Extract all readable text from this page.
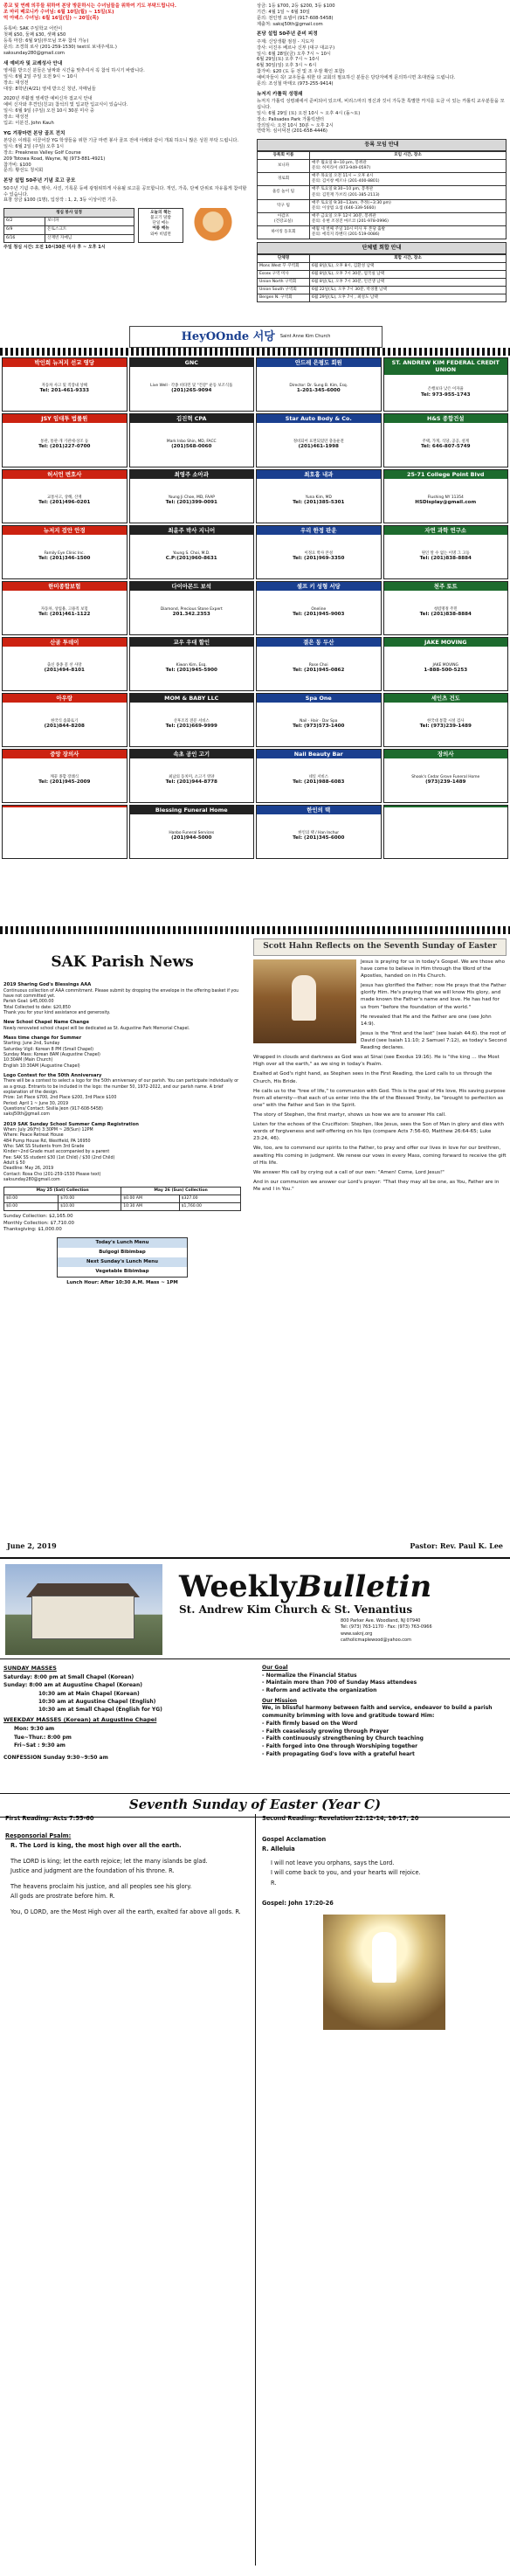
종교 및 연례 의무들 위하여 본당 방문하시는 수녀님들을 위하여 기도 부탁드립니다.
조 마리 베로니카 수녀님: 6월 10일(월) ~ 15일(토)
억 아녜스 수녀님: 6월 16일(일) ~ 20일(목)
등록비: SAK 주일학교 어린이
첫째 $50, 둘째 $30, 셋째 $50
등록 마감: 6월 9일(부모님 모두 참석 가능)
문의: 조경희 로사 (201-259-1530) text로 보내주세요.)
saksunday280@gmail.com
새 예비자 및 교례성사 안내
영세를 받으신 분들은 날짜와 시간을 맞추셔서 꼭 참석 하시기 바랍니다.
일시: 6월 2일 주일 오전 9시 ~ 10시
장소: 대성전
대상: 8학년(4/21) 영세 받으신 청년, 자매님들
2020년 부활절 영세반 예비신자 접교식 안내
예비 신자와 후견인(친교) 참석의 및 입교반 입교식이 있습니다.
일시: 6월 9일 (주일) 오전 10시 30분 미사 중
장소: 대성전
입교: 이분진, John Kauh
YG 겨광마련 본당 골프 전치
본당은 이레를 이끌어갈 YG 학생들을 위한 기금 마련 봉사 골프 전에 아래와 같이 개최 하오니 많은 성원 부탁 드립니다.
일시: 6월 2일 (주일) 오후 1시
장소: Preakness Valley Golf Course
209 Totowa Road, Wayne, NJ (973-881-4921)
참가비: $100
문의: 황선도 청치회
본당 설립 50주년 기념 로고 공모
50주년 기념 주총, 행사, 사진, 기록문 등에 광범위하게 사용될 로고를 공모합니다. 개인, 가족, 단체 단위로 자유롭게 참여할 수 있습니다.
표창 상금 $100 (1명), 입상작 : 1, 2, 3등 이상이면 기증.
청심 봉사 일정	
6/2	보니파
6/9	돈토스크트
6/16	산재빈 자매님
오늘의 책는
불고기 덮밥
단일 메뉴
여름 메뉴
와마 비빔면
주일 청심 시간: 오전 10시30분 미사 후 ~ 오후 1시
상금: 1등 $700, 2등 $200, 3등 $100
기간: 4월 1일 ~ 6월 30일
문의: 전인영 요셉어 (917-608-5458)
제출처: saksj50th@gmail.com
본당 설립 50주년 준비 피정
주제: 신앙생활 점검 - 지도자
강사: 이진우 베르나 신부 (대구 대교구)
일시: 6월 28일(금) 오후 7시 ~ 10시
6월 29일(토) 오후 7시 ~ 10시
6월 30일(일) 오후 3시 ~ 6시
참가비: $20 (도 등 전 및 조 우잠 확인 포함)
예비자들이 꼭! 교우들을 위한 타 교회의 필요하신 분들은 당당자에게 문의하시면 초대권을 드립니다.
문의: 조성철 마태오 (973-255-9414)
뉴저지 카톨릭 성령쇄
뉴저지 가톨릭 성령쇄에서 준비되어 있으며, 비리스마의 정신과 깃이 가득찬 특별한 카지를 도금 이 있는 카톨릭 교우분들을 모십니다.
일시: 6월 29일 (토) 오전 10시 ~ 오후 4시 (돌~토)
장소: Palisades Park 가톨릭센터
강의일시: 오전 10시 30분 ~ 오후 2시
연락처: 심이덕전 (201-658-4446)
등록 모임 안내
등록회 이름	모임 시간, 장소
보니파	매주 월요일 8~10 pm, 봉쥐관
문의: 허미라이 (973-949-0597)
경로회	매주 목요일 오전 11시 ~ 오후 4시
문의: 김이창 베르나 (201-400-8801)
울릉 놀이 팀	매주 토요일 8:30~10 pm, 봉쥐관
문의: 김민재 가브리 (201-385-2113)
탁구 팀	매주 토요일 9:30~13am, 추정(~3:30 pm)
문의: 이상범 요셉 (646-339-5660)
아감포
(건강교실)	매주 금요일 오후 12시 30분, 봉쥐관
문의: 유현 조경진 마르코 (201-978-0996)
하이킹 동호회	매월 세 번째 주일 10시 미사 후 본당 출발
문의: 에리지 라벤디 (201-519-0086)
단체별 회합 안내
단체명	회합 시간, 장소
Mons West 꾸 쿠역회	6월 8일(토), 오후 8시, 김환성 남택
Essex 구역 미사	6월 8일(토), 오후 7시 30분, 엄국실 남택
Union North 구역회	6월 8일(토), 오후 7시 30분, 인건생 남택
Union South 구역회	6월 22일(토), 오후 7시 30분, 박경철 남택
Bergen N. 구역회	6월 29일(토), 오후 7시 , 최성도 남택
HeyOOnde 서당 Saint Anne Kim Church
박인희 뉴저지 선교 영당
자동차 사고 및 직장내 상해
Tel: 201-461-9333
GNC
Live Well · 각종 비타민 및 "건강" 운동 보조식품
(201)265-9094
안드레 은평도 회원
Director: Dr. Sung B. Kim, Esq.
1-201-345-6000
ST. ANDREW KIM FEDERAL CREDIT UNION
은행보다 낮은 이자율
Tel: 973-955-1743
JSY 임대투 법률원
통관, 통관·개 기관세·상조 등
Tel: (201)227-0700
김진혁 CPA
Mark Inbo Shin, MD, FACC
(201)568-0060
Star Auto Body & Co.
정비되어 표면되었던 충돌운전
(201)461-1998
H&S 종합건설
주택, 가게, 식당, 공공, 설계
Tel: 646-807-5749
허서언 변호사
교통사고, 상해, 산재
Tel: (201)496-0201
최영주 소아과
Young Ji Choe, MD, FAAP
Tel: (201)399-0091
최호홍 내과
Yuna Kim, MD
Tel: (201)385-5301
25-71 College Point Blvd
Flushing NY 11354
HSDisplay@gmail.com
뉴저지 검안 안경
Family Eye Clinic Inc.
Tel: (201)346-1500
최윤주 박사 지니어
Young S. Choi, M.D.
C.P:(201)960-8631
우리 한정 판운
이정요 박사 본성
Tel: (201)969-3350
자연 과학 연구소
원인 알 수 없는 이명 그 고등
Tel: (201)838-8884
한미종합보험
자동차, 상업용, 고용직 보험
Tel: (201)461-1122
다이아몬드 보석
Diamond, Precious Stone Expert
201.342.2353
셀프 키 성형 서당
Oneline
Tel: (201)945-9003
천주 토트
청렴명정 주민
Tel: (201)838-8884
산골 투데이
출신 종종 꽃 선 사망
(201)494-8101
교우 우대 할인
Kiwon Kim, Esq.
Tel: (201)945-5900
결은 동 두산
Rose Choi
Tel: (201)945-0862
JAKE MOVING
JAKE MOVING
1-888-500-5253
아우랑
한국식 솜화로기
(201)844-8208
MOM & BABY LLC
산후조리 전문 서비스
Tel: (201)669-9999
Spa One
Nail · Hair · Dar Spa
Tel: (973)573-1400
세인츠 건도
한국대 통합 시설 검사
Tel: (973)239-1489
중앙 장의사
깨끗 종합 장례식
Tel: (201)945-2009
속초 공인 고기
최남의 동치미, 소고기 영양
Tel: (201)944-8778
Nail Beauty Bar
네일 서비스
Tel: (201)988-6083
장의사
Shook's Cedar Grove Funeral Home
(973)239-1489
Blessing Funeral Home
Hanbo Funeral Services
(201)944-5000
한인의 택
한인의 택 / Han Inchur
Tel: (201)345-6000
SAK Parish News
2019 Sharing God's Blessings AAA
Continuous collection of AAA commitment. Please submit by dropping the envelope in the offering basket if you have not committed yet.
Parish Goal: $45,000.00
Total Collected to date: $20,850
Thank you for your kind assistance and generosity.
New School Chapel Name Change
Newly renovated school chapel will be dedicated as St. Augustine Park Memorial Chapel.
Mass time change for Summer
Starting: June 2nd, Sunday
Saturday Vigil: Korean 8 PM (Small Chapel)
Sunday Mass: Korean 8AM (Augustine Chapel)
10:30AM (Main Church)
English 10:30AM (Augustine Chapel)
Logo Contest for the 50th Anniversary
There will be a contest to select a logo for the 50th anniversary of our parish. You can participate individually or as a group. Entrants to be included in the logo: the number 50, 1972-2022, and our parish name. A brief explanation of the design.
Prize: 1st Place $700, 2nd Place $200, 3rd Place $100
Period: April 1 ~ June 30, 2019
Questions/ Contact: Sisilia Jeon (917-608-5458)
saksj50th@gmail.com
2019 SAK Sunday School Summer Camp Registration
When: July 26(Fri) 3:30PM ~ 28(Sun) 12PM
Where: Peace Retreat House
484 Pump House Rd, Westfield, PA 16950
Who: SAK SS Students from 3rd Grade
Kinder~2nd Grade must accompanied by a parent
Fee: SAK SS student $30 (1st Child) / $30 (2nd Child)
Adult $ 50
Deadline: May 26, 2019
Contact: Rosa Cho (201-259-1530 Please text)
saksunday280@gmail.com
May 25 (Sat) Collection		May 26 (Sun) Collection	
$0.00	$70.00	$0.00 AM	$327.00
$0.00	$10.00	10:30 AM	$1,760.00
Sunday Collection: $2,165.00
Monthly Collection: $7,710.00
Thanksgiving: $1,000.00
Today's Lunch Menu
Bulgogi Bibimbap
Next Sunday's Lunch Menu
Vegetable Bibimbap
Lunch Hour: After 10:30 A.M. Mass ~ 1PM
Scott Hahn Reflects on the Seventh Sunday of Easter

Jesus is praying for us in today's Gospel. We are those who have come to believe in Him through the Word of the Apostles, handed on in His Church.

Jesus has glorified the Father; now He prays that the Father glorify Him. He's praying that we will know His glory, and made known the Father's name and love. He has had for us from "before the foundation of the world."

He revealed that He and the Father are one (see John 14:9).

Jesus is the "first and the last" (see Isaiah 44:6). the root of David (see Isaiah 11:10; 2 Samuel 7:12), as today's Second Reading declares.

Wrapped in clouds and darkness as God was at Sinai (see Exodus 19:16). He is "the king … the Most High over all the earth," as we sing in today's Psalm.

Exalted at God's right hand, as Stephen sees in the First Reading, the Lord calls to us through the Church, His Bride.

He calls us to the "tree of life," to communion with God. This is the goal of His love, His saving purpose from all eternity—that each of us enter into the life of the Blessed Trinity, be "brought to perfection as one" with the Father and Son in the Spirit.

The story of Stephen, the first martyr, shows us how we are to answer His call.

Listen for the echoes of the Crucifixion: Stephen, like Jesus, sees the Son of Man in glory and dies with words of forgiveness and self-offering on his lips (compare Acts 7:56-60, Matthew 26:64-65; Luke 23:24, 46).

We, too, are to commend our spirits to the Father, to pray and offer our lives in love for our brethren, awaiting His coming in judgment. We renew our vows in every Mass, coming forward to receive the gift of His life.

We answer His call by crying out a call of our own: "Amen! Come, Lord Jesus!"

And in our communion we answer our Lord's prayer: "That they may all be one, as You, Father are in Me and I in You."

June 2, 2019	Pastor: Rev. Paul K. Lee
WeeklyBulletin
St. Andrew Kim Church & St. Venantius
800 Parker Ave. Woodland, NJ 07940
Tel: (973) 763-1170 · Fax: (973) 763-0966
www.saknj.org
catholicmaplewood@yahoo.com
SUNDAY MASSES
Saturday: 8:00 pm at Small Chapel (Korean)
Sunday: 8:00 am at Augustine Chapel (Korean)
10:30 am at Main Chapel (Korean)
10:30 am at Augustine Chapel (English)
10:30 am at Small Chapel (English for YG)
WEEKDAY MASSES (Korean) at Augustine Chapel
Mon: 9:30 am
Tue~Thur.: 8:00 pm
Fri~Sat : 9:30 am
CONFESSION Sunday 9:30~9:50 am
Our Goal
- Normalize the Financial Status
- Maintain more than 700 of Sunday Mass attendees
- Reform and activate the organization
Our Mission
We, in blissful harmony between faith and service, endeavor to build a parish community brimming with love and gratitude toward Him:
- Faith firmly based on the Word
- Faith ceaselessly growing through Prayer
- Faith continuously strengthening by Church teaching
- Faith forged into One through Worshiping together
- Faith propagating God's love with a grateful heart
Seventh Sunday of Easter (Year C)
First Reading: Acts 7:55-60
Responsorial Psalm:
R. The Lord is king, the most high over all the earth.
The LORD is king; let the earth rejoice; let the many islands be glad.
Justice and judgment are the foundation of his throne. R.
The heavens proclaim his justice, and all peoples see his glory.
All gods are prostrate before him. R.
You, O LORD, are the Most High over all the earth, exalted far above all gods. R.
Second Reading: Revelation 22:12-14, 16-17, 20
Gospel Acclamation
R. Alleluia
I will not leave you orphans, says the Lord.
I will come back to you, and your hearts will rejoice.
R.
Gospel: John 17:20-26
